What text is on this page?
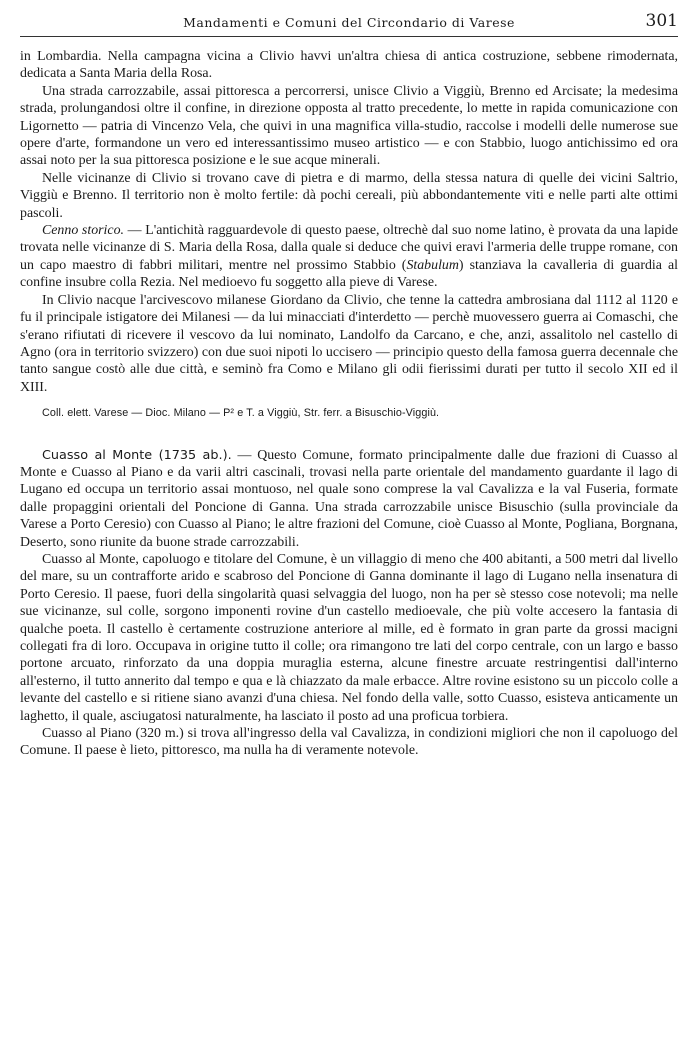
Mandamenti e Comuni del Circondario di Varese	301

in Lombardia. Nella campagna vicina a Clivio havvi un'altra chiesa di antica costruzione, sebbene rimodernata, dedicata a Santa Maria della Rosa.

Una strada carrozzabile, assai pittoresca a percorrersi, unisce Clivio a Viggiù, Brenno ed Arcisate; la medesima strada, prolungandosi oltre il confine, in direzione opposta al tratto precedente, lo mette in rapida comunicazione con Ligornetto — patria di Vincenzo Vela, che quivi in una magnifica villa-studio, raccolse i modelli delle numerose sue opere d'arte, formandone un vero ed interessantissimo museo artistico — e con Stabbio, luogo antichissimo ed ora assai noto per la sua pittoresca posizione e le sue acque minerali.

Nelle vicinanze di Clivio si trovano cave di pietra e di marmo, della stessa natura di quelle dei vicini Saltrio, Viggiù e Brenno. Il territorio non è molto fertile: dà pochi cereali, più abbondantemente viti e nelle parti alte ottimi pascoli.

Cenno storico. — L'antichità ragguardevole di questo paese, oltrechè dal suo nome latino, è provata da una lapide trovata nelle vicinanze di S. Maria della Rosa, dalla quale si deduce che quivi eravi l'armeria delle truppe romane, con un capo maestro di fabbri militari, mentre nel prossimo Stabbio (Stabulum) stanziava la cavalleria di guardia al confine insubre colla Rezia. Nel medioevo fu soggetto alla pieve di Varese.

In Clivio nacque l'arcivescovo milanese Giordano da Clivio, che tenne la cattedra ambrosiana dal 1112 al 1120 e fu il principale istigatore dei Milanesi — da lui minacciati d'interdetto — perchè muovessero guerra ai Comaschi, che s'erano rifiutati di ricevere il vescovo da lui nominato, Landolfo da Carcano, e che, anzi, assalitolo nel castello di Agno (ora in territorio svizzero) con due suoi nipoti lo uccisero — principio questo della famosa guerra decennale che tanto sangue costò alle due città, e seminò fra Como e Milano gli odii fierissimi durati per tutto il secolo XII ed il XIII.

Coll. elett. Varese — Dioc. Milano — P² e T. a Viggiù, Str. ferr. a Bisuschio-Viggiù.

Cuasso al Monte (1735 ab.). — Questo Comune, formato principalmente dalle due frazioni di Cuasso al Monte e Cuasso al Piano e da varii altri cascinali, trovasi nella parte orientale del mandamento guardante il lago di Lugano ed occupa un territorio assai montuoso, nel quale sono comprese la val Cavalizza e la val Fuseria, formate dalle propaggini orientali del Poncione di Ganna. Una strada carrozzabile unisce Bisuschio (sulla provinciale da Varese a Porto Ceresio) con Cuasso al Piano; le altre frazioni del Comune, cioè Cuasso al Monte, Pogliana, Borgnana, Deserto, sono riunite da buone strade carrozzabili.

Cuasso al Monte, capoluogo e titolare del Comune, è un villaggio di meno che 400 abitanti, a 500 metri dal livello del mare, su un contrafforte arido e scabroso del Poncione di Ganna dominante il lago di Lugano nella insenatura di Porto Ceresio. Il paese, fuori della singolarità quasi selvaggia del luogo, non ha per sè stesso cose notevoli; ma nelle sue vicinanze, sul colle, sorgono imponenti rovine d'un castello medioevale, che più volte accesero la fantasia di qualche poeta. Il castello è certamente costruzione anteriore al mille, ed è formato in gran parte da grossi macigni collegati fra di loro. Occupava in origine tutto il colle; ora rimangono tre lati del corpo centrale, con un largo e basso portone arcuato, rinforzato da una doppia muraglia esterna, alcune finestre arcuate restringentisi dall'interno all'esterno, il tutto annerito dal tempo e qua e là chiazzato da male erbacce. Altre rovine esistono su un piccolo colle a levante del castello e si ritiene siano avanzi d'una chiesa. Nel fondo della valle, sotto Cuasso, esisteva anticamente un laghetto, il quale, asciugatosi naturalmente, ha lasciato il posto ad una proficua torbiera.

Cuasso al Piano (320 m.) si trova all'ingresso della val Cavalizza, in condizioni migliori che non il capoluogo del Comune. Il paese è lieto, pittoresco, ma nulla ha di veramente notevole.
